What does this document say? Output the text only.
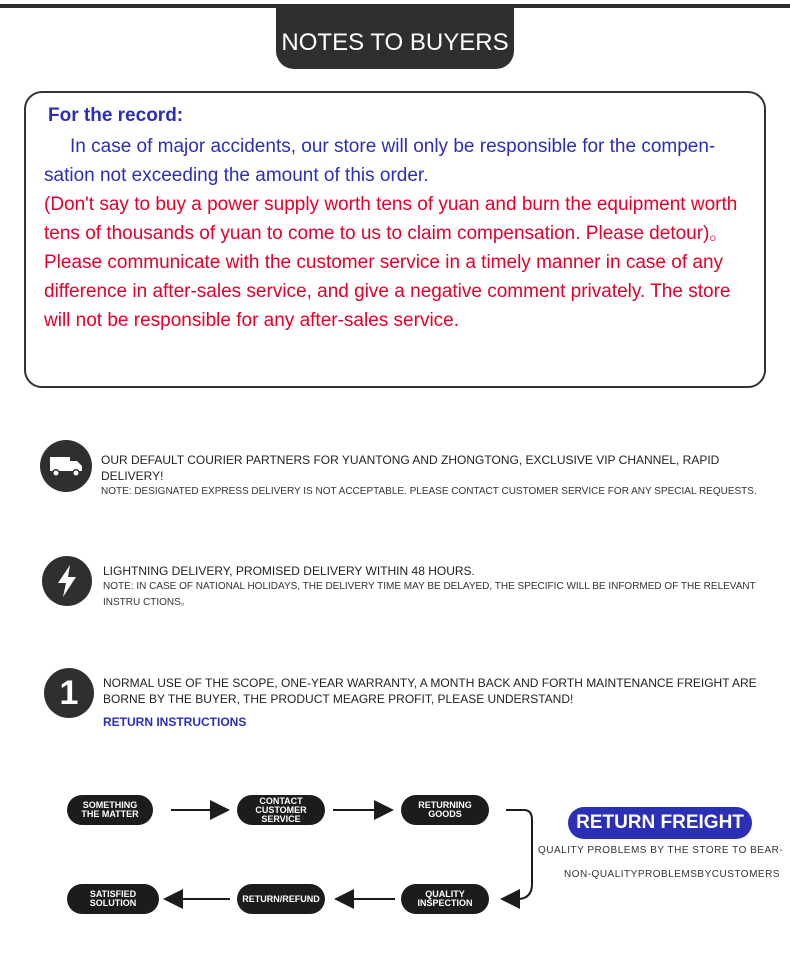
NOTES TO BUYERS
For the record:
In case of major accidents, our store will only be responsible for the compen-
sation not exceeding the amount of this order.
(Don't say to buy a power supply worth tens of yuan and burn the equipment worth tens of thousands of yuan to come to us to claim compensation. Please detour)。
Please communicate with the customer service in a timely manner in case of any difference in after-sales service, and give a negative comment privately. The store will not be responsible for any after-sales service.
OUR DEFAULT COURIER PARTNERS FOR YUANTONG AND ZHONGTONG, EXCLUSIVE VIP CHANNEL, RAPID DELIVERY!
NOTE: DESIGNATED EXPRESS DELIVERY IS NOT ACCEPTABLE. PLEASE CONTACT CUSTOMER SERVICE FOR ANY SPECIAL REQUESTS.
LIGHTNING DELIVERY, PROMISED DELIVERY WITHIN 48 HOURS.
NOTE: IN CASE OF NATIONAL HOLIDAYS, THE DELIVERY TIME MAY BE DELAYED, THE SPECIFIC WILL BE INFORMED OF THE RELEVANT INSTRU CTIONS。
1	NORMAL USE OF THE SCOPE, ONE-YEAR WARRANTY, A MONTH BACK AND FORTH MAINTENANCE FREIGHT ARE BORNE BY THE BUYER, THE PRODUCT MEAGRE PROFIT, PLEASE UNDERSTAND!
RETURN INSTRUCTIONS
SOMETHING
THE MATTER
CONTACT
CUSTOMER
SERVICE
RETURNING
GOODS
QUALITY
INSPECTION
RETURN/REFUND
SATISFIED
SOLUTION
RETURN FREIGHT
QUALITY PROBLEMS BY THE STORE TO BEAR-
NON-QUALITYPROBLEMSBYCUSTOMERS
